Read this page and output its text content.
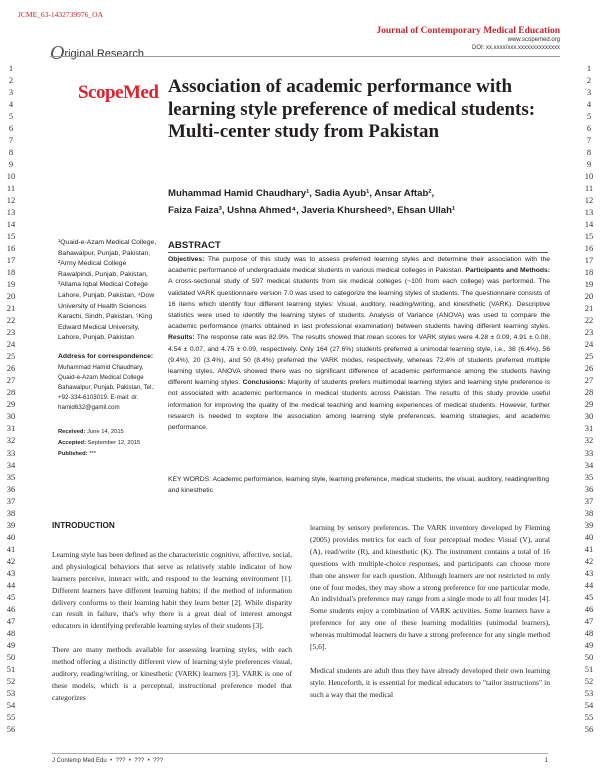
JCME_63-1432739976_OA
Journal of Contemporary Medical Education
www.scopemed.org
DOI: xx.xxxx/xxx.xxxxxxxxxxxxxx
Original Research
1
2
3
4
5
6
7
8
9
10
11
12
13
14
15
16
17
18
19
20
21
22
23
24
25
26
27
28
29
30
31
32
33
34
35
36
37
38
39
40
41
42
43
44
45
46
47
48
49
50
51
52
53
54
55
56
1
2
3
4
5
6
7
8
9
10
11
12
13
14
15
16
17
18
19
20
21
22
23
24
25
26
27
28
29
30
31
32
33
34
35
36
37
38
39
40
41
42
43
44
45
46
47
48
49
50
51
52
53
54
55
56
ScopeMed Association of academic performance with learning style preference of medical students: Multi-center study from Pakistan
Muhammad Hamid Chaudhary¹, Sadia Ayub¹, Ansar Aftab²,
Faiza Faiza³, Ushna Ahmed⁴, Javeria Khursheed⁵, Ehsan Ullah¹
¹Quaid-e-Azam Medical College, Bahawalpur, Punjab, Pakistan, ²Army Medical College Rawalpindi, Punjab, Pakistan, ³Allama Iqbal Medical College Lahore, Punjab, Pakistan, ⁴Dow University of Health Sciences Karachi, Sindh, Pakistan, ⁵King Edward Medical University, Lahore, Punjab, Pakistan
Address for correspondence:
Muhammad Hamid Chaudhary, Quaid-e-Azam Medical College Bahawalpur, Punjab, Pakistan, Tel.: +92-334-6103019. E-mail: dr. hamid632@gamil.com
Received: June 14, 2015
Accepted: September 12, 2015
Published: ***
ABSTRACT
Objectives: The purpose of this study was to assess preferred learning styles and determine their association with the academic performance of undergraduate medical students in various medical colleges in Pakistan. Participants and Methods: A cross-sectional study of 597 medical students from six medical colleges (~100 from each college) was performed. The validated VARK questionnaire version 7.0 was used to categorize the learning styles of students. The questionnaire consists of 16 items which identify four different learning styles: Visual, auditory, reading/writing, and kinesthetic (VARK). Descriptive statistics were used to identify the learning styles of students. Analysis of Variance (ANOVA) was used to compare the academic performance (marks obtained in last professional examination) between students having different learning styles. Results: The response rate was 82.9%. The results showed that mean scores for VARK styles were 4.28 ± 0.09, 4.91 ± 0.08, 4.54 ± 0.07, and 4.75 ± 0.09, respectively. Only 164 (27.6%) students preferred a unimodal learning style, i.e., 38 (6.4%), 56 (9.4%), 20 (3.4%), and 50 (8.4%) preferred the VARK modes, respectively, whereas 72.4% of students preferred multiple learning styles. ANOVA showed there was no significant difference of academic performance among the students having different learning styles. Conclusions: Majority of students prefers multimodal learning styles and learning style preference is not associated with academic performance in medical students across Pakistan. The results of this study provide useful information for improving the quality of the medical teaching and learning experiences of medical students. However, further research is needed to explore the association among learning style preferences, learning strategies, and academic performance.
KEY WORDS: Academic performance, learning style, learning preference, medical students, the visual, auditory, reading/writing and kinesthetic
INTRODUCTION

Learning style has been defined as the characteristic cognitive, affective, social, and physiological behaviors that serve as relatively stable indicator of how learners perceive, interact with, and respond to the learning environment [1]. Different learners have different learning habits; if the method of information delivery conforms to their learning habit they learn better [2]. While disparity can result in failure, that's why there is a great deal of interest amongst educators in identifying preferable learning styles of their students [3].

There are many methods available for assessing learning styles, with each method offering a distinctly different view of learning style preferences visual, auditory, reading/writing, or kinesthetic (VARK) learners [3]. VARK is one of these models, which is a perceptual, instructional preference model that categorizes

learning by sensory preferences. The VARK inventory developed by Fleming (2005) provides metrics for each of four perceptual modes: Visual (V), aural (A), read/write (R), and kinesthetic (K). The instrument contains a total of 16 questions with multiple-choice responses, and participants can choose more than one answer for each question. Although learners are not restricted to only one of four modes, they may show a strong preference for one particular mode. An individual's preference may range from a single mode to all four modes [4]. Some students enjoy a combination of VARK activities. Some learners have a preference for any one of these learning modalities (unimodal learners), whereas multimodal learners do have a strong preference for any single method [5,6].

Medical students are adult thus they have already developed their own learning style. Henceforth, it is essential for medical educators to "tailor instructions" in such a way that the medical

J Contemp Med Edu  •  ???  •  ???  •  ???	1
